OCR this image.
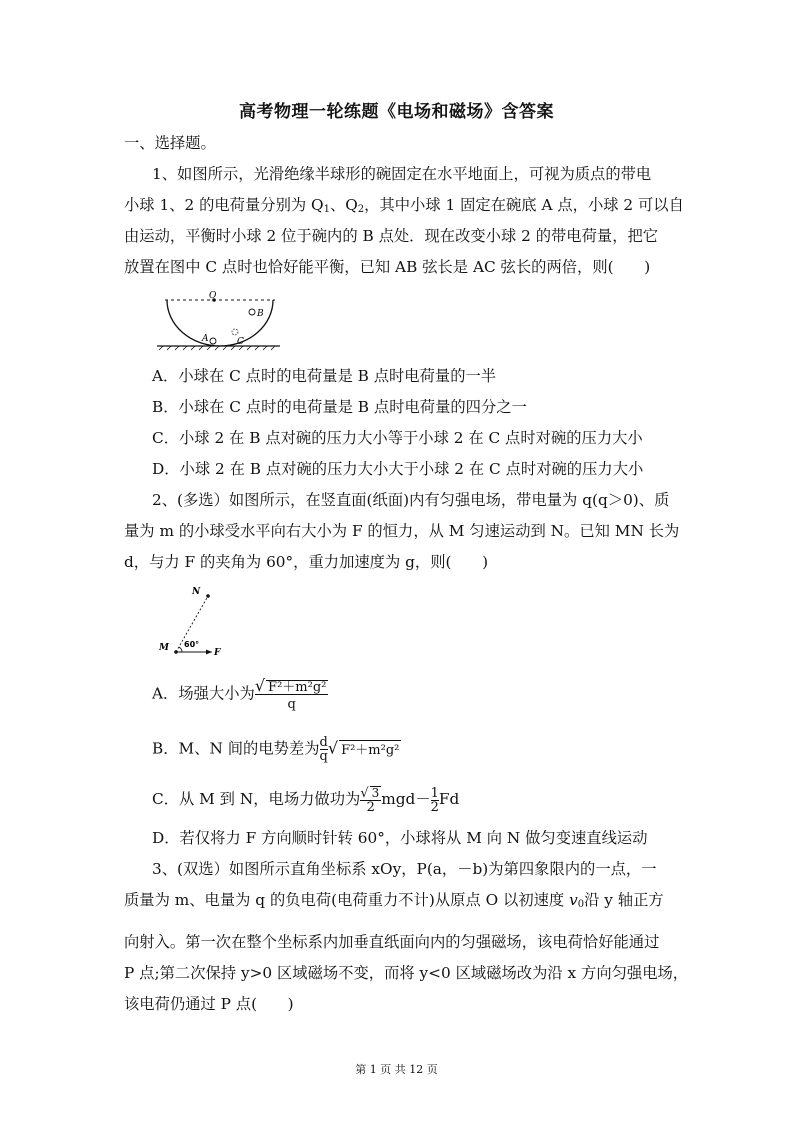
高考物理一轮练题《电场和磁场》含答案
一、选择题。
1、如图所示，光滑绝缘半球形的碗固定在水平地面上，可视为质点的带电
小球 1、2 的电荷量分别为 $Q_1$、$Q_2$，其中小球 1 固定在碗底 A 点，小球 2 可以自
由运动，平衡时小球 2 位于碗内的 B 点处．现在改变小球 2 的带电荷量，把它
放置在图中 C 点时也恰好能平衡，已知 AB 弦长是 AC 弦长的两倍，则(　　)
O
B
A	C
A．小球在 C 点时的电荷量是 B 点时电荷量的一半
B．小球在 C 点时的电荷量是 B 点时电荷量的四分之一
C．小球 2 在 B 点对碗的压力大小等于小球 2 在 C 点时对碗的压力大小
D．小球 2 在 B 点对碗的压力大小大于小球 2 在 C 点时对碗的压力大小
2、(多选）如图所示，在竖直面(纸面)内有匀强电场，带电量为 q(q＞0)、质
量为 m 的小球受水平向右大小为 F 的恒力，从 M 匀速运动到 N。已知 MN 长为
d，与力 F 的夹角为 60°，重力加速度为 g，则(　　)
N
M 60°
F
A．场强大小为 $\frac{\text{√ F²＋m²g²}}{q}$
B．M、N 间的电势差为 $\frac{d}{q}$ √ F²＋m²g²
C．从 M 到 N，电场力做功为 $\frac{√ 3}{2} mgd- \frac{1}{2}$ Fd
D．若仅将力 F 方向顺时针转 60°，小球将从 M 向 N 做匀变速直线运动
3、(双选）如图所示直角坐标系 xOy，P(a，－b)为第四象限内的一点，一
质量为 m、电量为 q 的负电荷(电荷重力不计)从原点 O 以初速度 $v_0$沿 y 轴正方
向射入。第一次在整个坐标系内加垂直纸面向内的匀强磁场，该电荷恰好能通过
P 点;第二次保持 y>0 区域磁场不变，而将 y<0 区域磁场改为沿 x 方向匀强电场，
该电荷仍通过 P 点(　　)
第 1 页 共 12 页
